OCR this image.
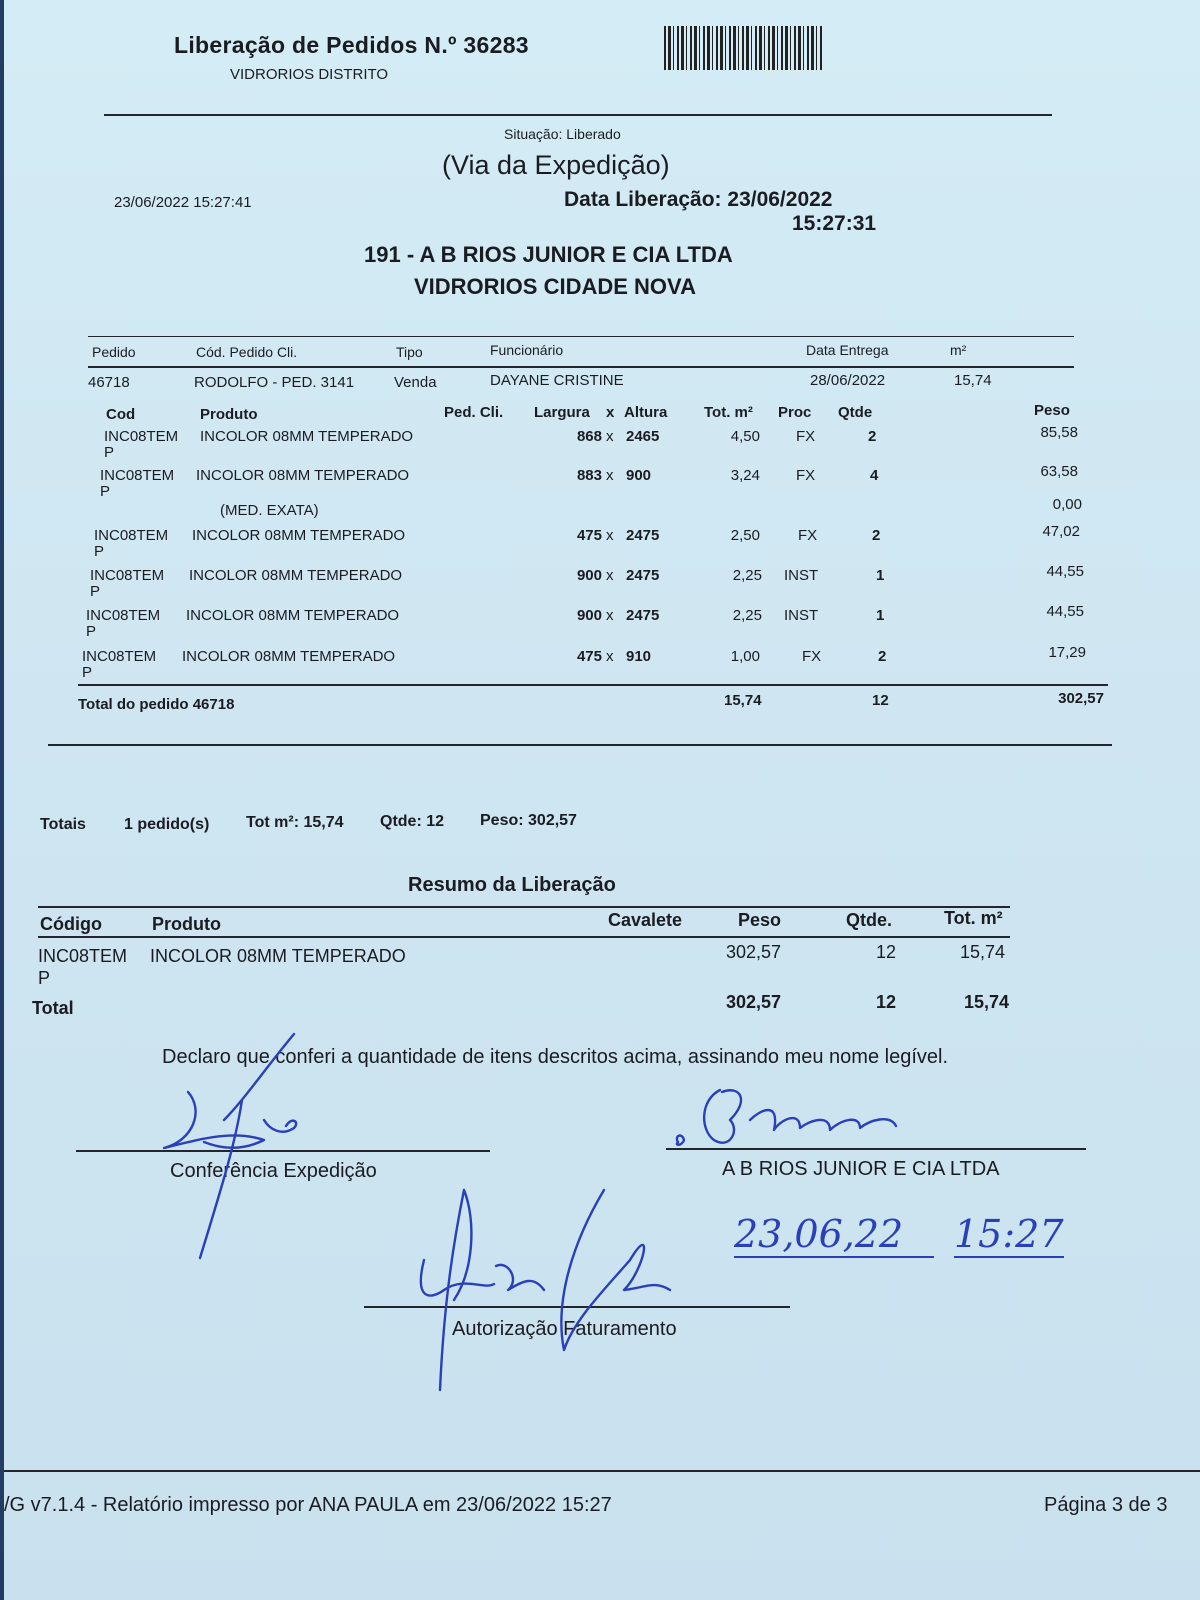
Liberação de Pedidos N.º 36283
VIDRORIOS DISTRITO
Situação: Liberado
(Via da Expedição)
23/06/2022 15:27:41	Data Liberação: 23/06/2022
15:27:31
191 - A B RIOS JUNIOR E CIA LTDA
VIDRORIOS CIDADE NOVA
Pedido	Cód. Pedido Cli.	Tipo	Funcionário	Data Entrega	m²
46718	RODOLFO - PED. 3141	Venda	DAYANE CRISTINE	28/06/2022	15,74
Cod	Produto	Ped. Cli. Largura x Altura Tot. m² Proc Qtde	Peso
INC08TEM
P
INCOLOR 08MM TEMPERADO	868 x 2465	4,50 FX	2	85,58
INC08TEM
P
INCOLOR 08MM TEMPERADO	883 x 900	3,24 FX	4	63,58
(MED. EXATA)	0,00
INC08TEM
P
INCOLOR 08MM TEMPERADO	475 x 2475	2,50	FX	2	47,02
INC08TEM
P
INCOLOR 08MM TEMPERADO	900 x 2475	2,25 INST	1	44,55
INC08TEM
P
INCOLOR 08MM TEMPERADO	900 x 2475	2,25 INST	1	44,55
INC08TEM
P
INCOLOR 08MM TEMPERADO	475 x 910	1,00	FX	2	17,29
Total do pedido 46718	15,74	12	302,57
Totais 1 pedido(s) Tot m²: 15,74 Qtde: 12 Peso: 302,57
Resumo da Liberação
Código	Produto	Cavalete	Peso	Qtde.	Tot. m²
INC08TEM
P
INCOLOR 08MM TEMPERADO	302,57	12	15,74
Total	302,57	12	15,74
Declaro que conferi a quantidade de itens descritos acima, assinando meu nome legível.
Conferência Expedição	A B RIOS JUNIOR E CIA LTDA
Autorização Faturamento
23,06,22 15:27
/G v7.1.4 - Relatório impresso por ANA PAULA em 23/06/2022 15:27	Página 3 de 3
